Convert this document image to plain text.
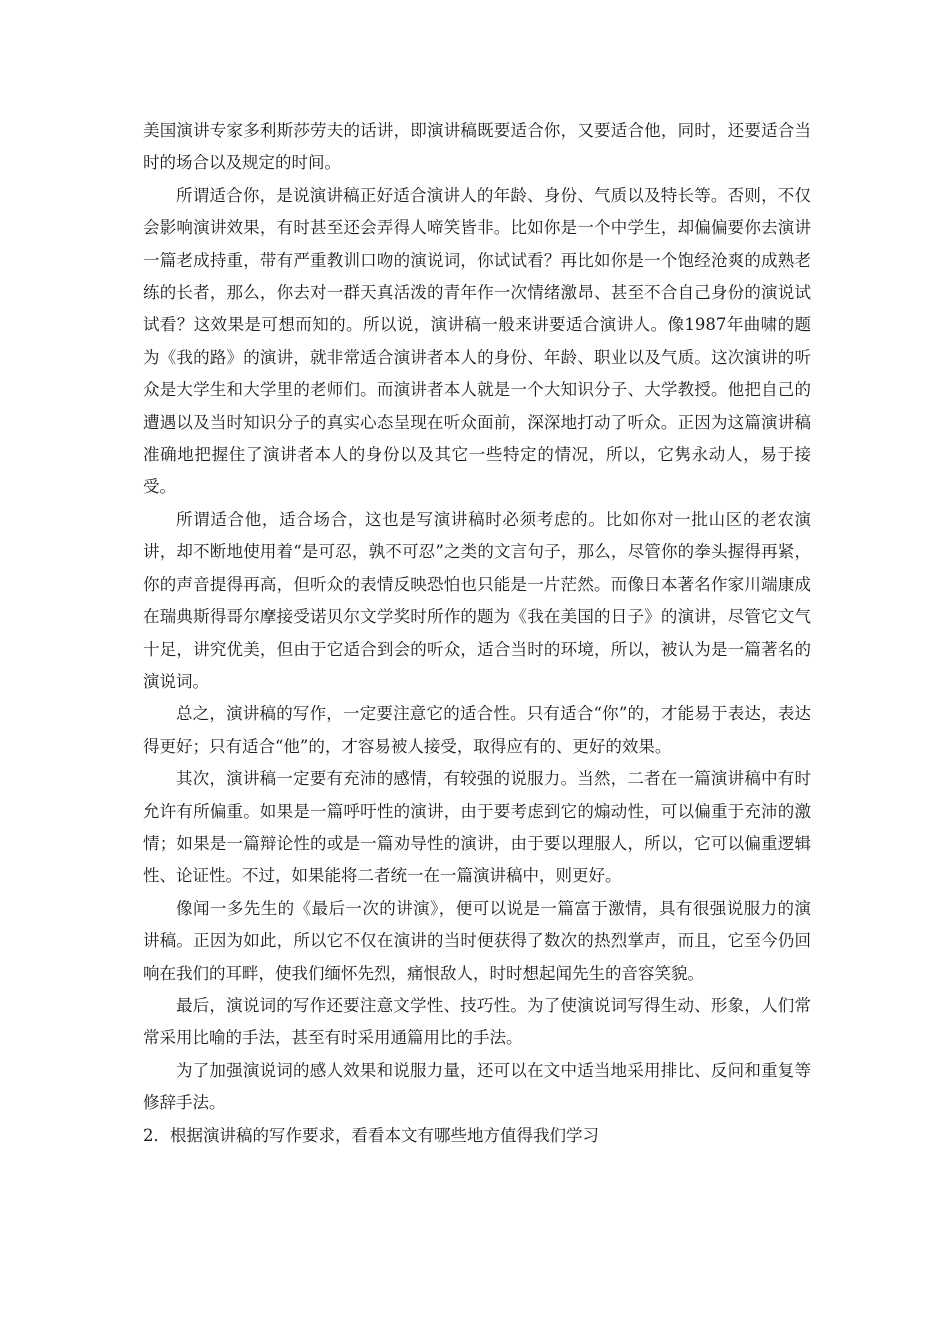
美国演讲专家多利斯莎劳夫的话讲，即演讲稿既要适合你，又要适合他，同时，还要适合当时的场合以及规定的时间。

所谓适合你，是说演讲稿正好适合演讲人的年龄、身份、气质以及特长等。否则，不仅会影响演讲效果，有时甚至还会弄得人啼笑皆非。比如你是一个中学生，却偏偏要你去演讲一篇老成持重，带有严重教训口吻的演说词，你试试看？再比如你是一个饱经沧爽的成熟老练的长者，那么，你去对一群天真活泼的青年作一次情绪激昂、甚至不合自己身份的演说试试看？这效果是可想而知的。所以说，演讲稿一般来讲要适合演讲人。像1987年曲啸的题为《我的路》的演讲，就非常适合演讲者本人的身份、年龄、职业以及气质。这次演讲的听众是大学生和大学里的老师们。而演讲者本人就是一个大知识分子、大学教授。他把自己的遭遇以及当时知识分子的真实心态呈现在听众面前，深深地打动了听众。正因为这篇演讲稿准确地把握住了演讲者本人的身份以及其它一些特定的情况，所以，它隽永动人，易于接受。

所谓适合他，适合场合，这也是写演讲稿时必须考虑的。比如你对一批山区的老农演讲，却不断地使用着“是可忍，孰不可忍”之类的文言句子，那么，尽管你的拳头握得再紧，你的声音提得再高，但听众的表情反映恐怕也只能是一片茫然。而像日本著名作家川端康成在瑞典斯得哥尔摩接受诺贝尔文学奖时所作的题为《我在美国的日子》的演讲，尽管它文气十足，讲究优美，但由于它适合到会的听众，适合当时的环境，所以，被认为是一篇著名的演说词。

总之，演讲稿的写作，一定要注意它的适合性。只有适合“你”的，才能易于表达，表达得更好；只有适合“他”的，才容易被人接受，取得应有的、更好的效果。

其次，演讲稿一定要有充沛的感情，有较强的说服力。当然，二者在一篇演讲稿中有时允许有所偏重。如果是一篇呼吁性的演讲，由于要考虑到它的煽动性，可以偏重于充沛的激情；如果是一篇辩论性的或是一篇劝导性的演讲，由于要以理服人，所以，它可以偏重逻辑性、论证性。不过，如果能将二者统一在一篇演讲稿中，则更好。

像闻一多先生的《最后一次的讲演》，便可以说是一篇富于激情，具有很强说服力的演讲稿。正因为如此，所以它不仅在演讲的当时便获得了数次的热烈掌声，而且，它至今仍回响在我们的耳畔，使我们缅怀先烈，痛恨敌人，时时想起闻先生的音容笑貌。

最后，演说词的写作还要注意文学性、技巧性。为了使演说词写得生动、形象，人们常常采用比喻的手法，甚至有时采用通篇用比的手法。

为了加强演说词的感人效果和说服力量，还可以在文中适当地采用排比、反问和重复等修辞手法。

2．根据演讲稿的写作要求，看看本文有哪些地方值得我们学习
